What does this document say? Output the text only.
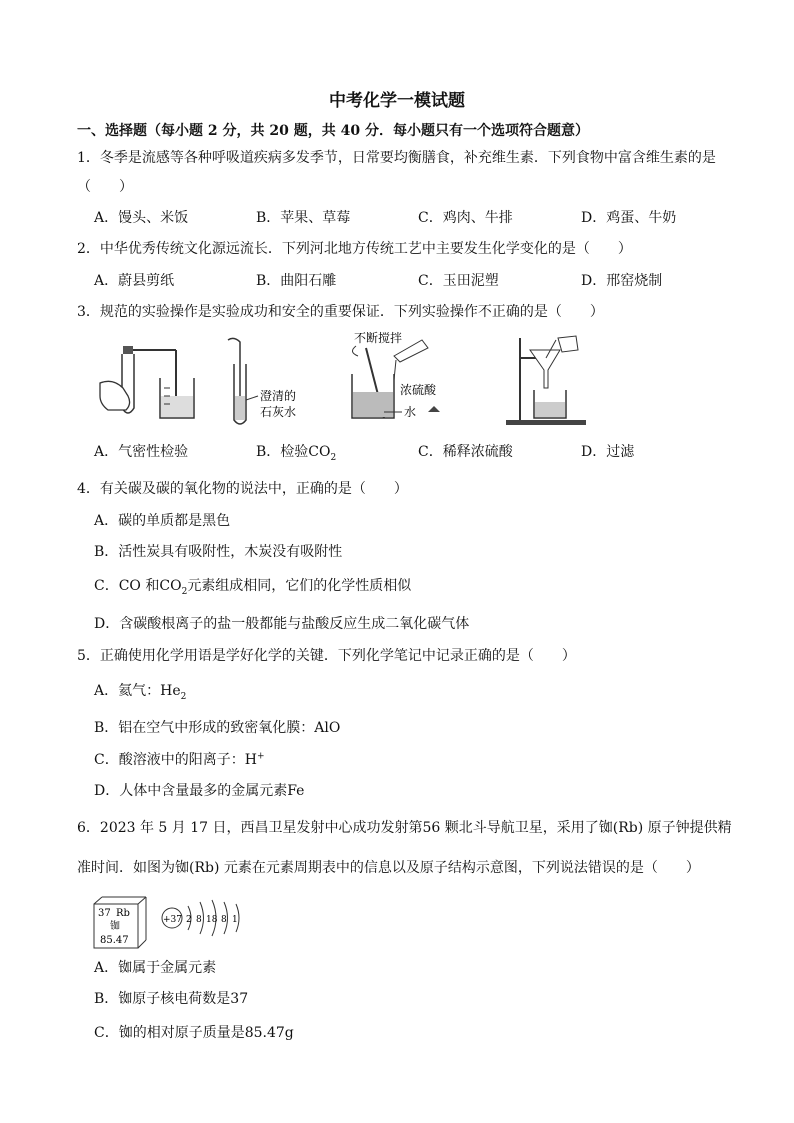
中考化学一模试题
一、选择题（每小题 2 分，共 20 题，共 40 分．每小题只有一个选项符合题意）
1．冬季是流感等各种呼吸道疾病多发季节，日常要均衡膳食，补充维生素．下列食物中富含维生素的是
（　　）
A．馒头、米饭	B．苹果、草莓	C．鸡肉、牛排	D．鸡蛋、牛奶
2．中华优秀传统文化源远流长．下列河北地方传统工艺中主要发生化学变化的是（　　）
A．蔚县剪纸	B．曲阳石雕	C．玉田泥塑	D．邢窑烧制
3．规范的实验操作是实验成功和安全的重要保证．下列实验操作不正确的是（　　）
澄清的
石灰水
不断搅拌
浓硫酸
水
A．气密性检验	B．检验$CO_2$	C．稀释浓硫酸	D．过滤
4．有关碳及碳的氧化物的说法中，正确的是（　　）
A．碳的单质都是黑色
B．活性炭具有吸附性，木炭没有吸附性
C．CO 和$CO_2$元素组成相同，它们的化学性质相似
D．含碳酸根离子的盐一般都能与盐酸反应生成二氧化碳气体
5．正确使用化学用语是学好化学的关键．下列化学笔记中记录正确的是（　　）
A．氦气：$He_2$
B．铝在空气中形成的致密氧化膜：AlO
C．酸溶液中的阳离子：H+
D．人体中含量最多的金属元素Fe
6．2023 年 5 月 17 日，西昌卫星发射中心成功发射第56 颗北斗导航卫星，采用了铷(Rb) 原子钟提供精
准时间．如图为铷(Rb) 元素在元素周期表中的信息以及原子结构示意图，下列说法错误的是（　　）
37 Rb
铷
85.47
+37 2 8 18 8 1
A．铷属于金属元素
B．铷原子核电荷数是37
C．铷的相对原子质量是85.47g
